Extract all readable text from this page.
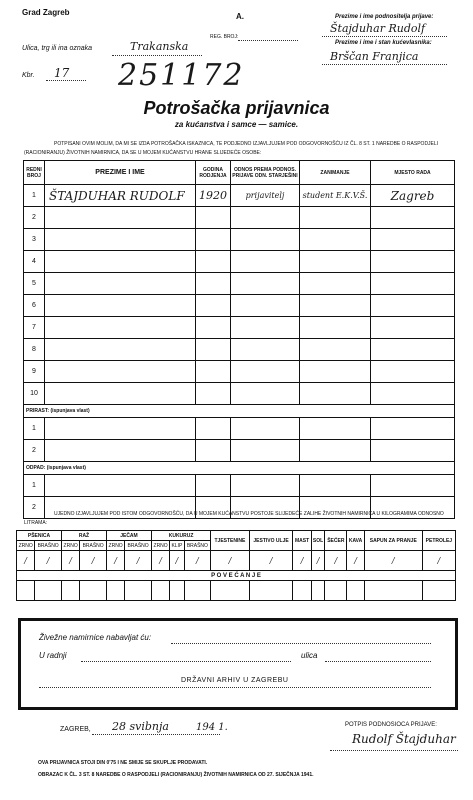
Grad Zagreb	A.
REG. BROJ:
Prezime i ime podnositelja prijave:
Štajduhar Rudolf
Prezime i ime i stan kućevlasnika:
Brščan Franjica
Ulica, trg ili ina oznaka	Trakanska
Kbr. 17 251172
Potrošačka prijavnica
za kućanstva i samce — samice.
POTPISANI OVIM MOLIM, DA MI SE IZDA POTROŠAČKA ISKAZNICA, TE PODJEDNO IZJAVLJUJEM POD ODGOVORNOŠĆU IZ ČL. 8 ST. 1 NAREDBE O RASPODJELI (RACIONIRANJU) ŽIVOTNIH NAMIRNICA, DA SE U MOJEM KUĆANSTVU HRANE SLIJEDEĆE OSOBE:
REDNI BROJ	PREZIME I IME	GODINA RODJENJA	ODNOS PREMA PODNOS. PRIJAVE ODN. STARJEŠINI	ZANIMANJE	MJESTO RADA
1	ŠTAJDUHAR RUDOLF	1920	prijavitelj	student E.K.V.Š.	Zagreb
2					
3					
4					
5					
6					
7					
8					
9					
10					
PRIRAST: (ispunjava vlast)					
1					
2					
ODPAD: (ispunjava vlast)					
1					
2					
UJEDNO IZJAVLJUJEM POD ISTOM ODGOVORNOŠĆU, DA U MOJEM KUĆANSTVU POSTOJE SLIJEDEĆE ZALIHE ŽIVOTNIH NAMIRNICA U KILOGRAMIMA ODNOSNO LITRAMA:
PŠENICA		RAŽ		JEČAM		KUKURUZ			TJESTENINE	JESTIVO ULJE	MAST	SOL	ŠEĆER	KAVA	SAPUN ZA PRANJE	PETROLEJ
ZRNO	BRAŠNO	ZRNO	BRAŠNO	ZRNO	BRAŠNO	ZRNO	KLIP	BRAŠNO								
/	/	/	/	/	/	/	/	/	/	/	/	/	/	/	/	/
P O V E Ć A N J E																

Živežne namirnice nabavljat ću:
U radnji	ulica
DRŽAVNI ARHIV U ZAGREBU
ZAGREB, 28 svibnja	194 1.	POTPIS PODNOSIOCA PRIJAVE:
Rudolf Štajduhar
OVA PRIJAVNICA STOJI DIN 0'75 I NE SMIJE SE SKUPLJE PRODAVATI.
OBRAZAC K ČL. 3 ST. 8 NAREDBE O RASPODJELI (RACIONIRANJU) ŽIVOTNIH NAMIRNICA OD 27. SIJEČNJA 1941.
